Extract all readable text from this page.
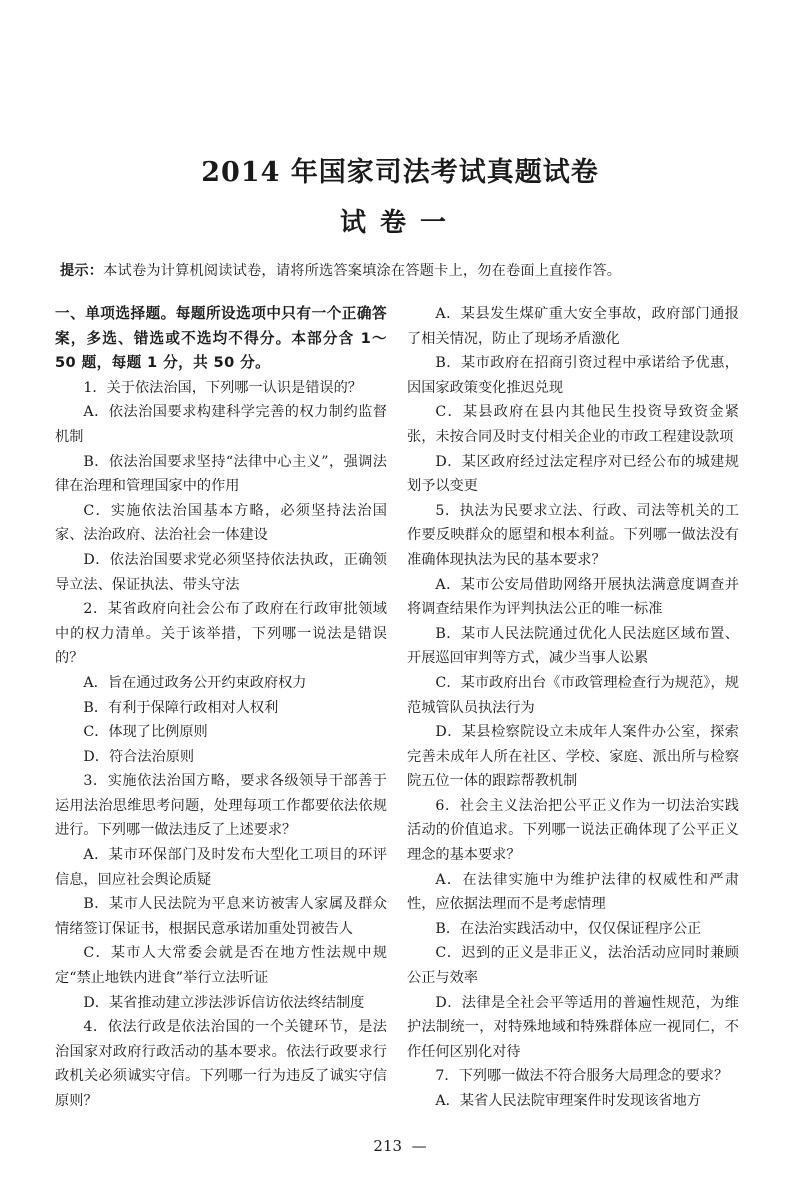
2014 年国家司法考试真题试卷
试卷一
提示：本试卷为计算机阅读试卷，请将所选答案填涂在答题卡上，勿在卷面上直接作答。

一、单项选择题。每题所设选项中只有一个正确答案，多选、错选或不选均不得分。本部分含 1～50 题，每题 1 分，共 50 分。

1．关于依法治国，下列哪一认识是错误的？

A．依法治国要求构建科学完善的权力制约监督机制

B．依法治国要求坚持“法律中心主义”，强调法律在治理和管理国家中的作用

C．实施依法治国基本方略，必须坚持法治国家、法治政府、法治社会一体建设

D．依法治国要求党必须坚持依法执政，正确领导立法、保证执法、带头守法

2．某省政府向社会公布了政府在行政审批领域中的权力清单。关于该举措，下列哪一说法是错误的？

A．旨在通过政务公开约束政府权力

B．有利于保障行政相对人权利

C．体现了比例原则

D．符合法治原则

3．实施依法治国方略，要求各级领导干部善于运用法治思维思考问题，处理每项工作都要依法依规进行。下列哪一做法违反了上述要求？

A．某市环保部门及时发布大型化工项目的环评信息，回应社会舆论质疑

B．某市人民法院为平息来访被害人家属及群众情绪签订保证书，根据民意承诺加重处罚被告人

C．某市人大常委会就是否在地方性法规中规定“禁止地铁内进食”举行立法听证

D．某省推动建立涉法涉诉信访依法终结制度

4．依法行政是依法治国的一个关键环节，是法治国家对政府行政活动的基本要求。依法行政要求行政机关必须诚实守信。下列哪一行为违反了诚实守信原则？

A．某县发生煤矿重大安全事故，政府部门通报了相关情况，防止了现场矛盾激化

B．某市政府在招商引资过程中承诺给予优惠，因国家政策变化推迟兑现

C．某县政府在县内其他民生投资导致资金紧张，未按合同及时支付相关企业的市政工程建设款项

D．某区政府经过法定程序对已经公布的城建规划予以变更

5．执法为民要求立法、行政、司法等机关的工作要反映群众的愿望和根本利益。下列哪一做法没有准确体现执法为民的基本要求？

A．某市公安局借助网络开展执法满意度调查并将调查结果作为评判执法公正的唯一标准

B．某市人民法院通过优化人民法庭区域布置、开展巡回审判等方式，减少当事人讼累

C．某市政府出台《市政管理检查行为规范》，规范城管队员执法行为

D．某县检察院设立未成年人案件办公室，探索完善未成年人所在社区、学校、家庭、派出所与检察院五位一体的跟踪帮教机制

6．社会主义法治把公平正义作为一切法治实践活动的价值追求。下列哪一说法正确体现了公平正义理念的基本要求？

A．在法律实施中为维护法律的权威性和严肃性，应依据法理而不是考虑情理

B．在法治实践活动中，仅仅保证程序公正

C．迟到的正义是非正义，法治活动应同时兼顾公正与效率

D．法律是全社会平等适用的普遍性规范，为维护法制统一，对特殊地域和特殊群体应一视同仁，不作任何区别化对待

7．下列哪一做法不符合服务大局理念的要求？

A．某省人民法院审理案件时发现该省地方

213 —
